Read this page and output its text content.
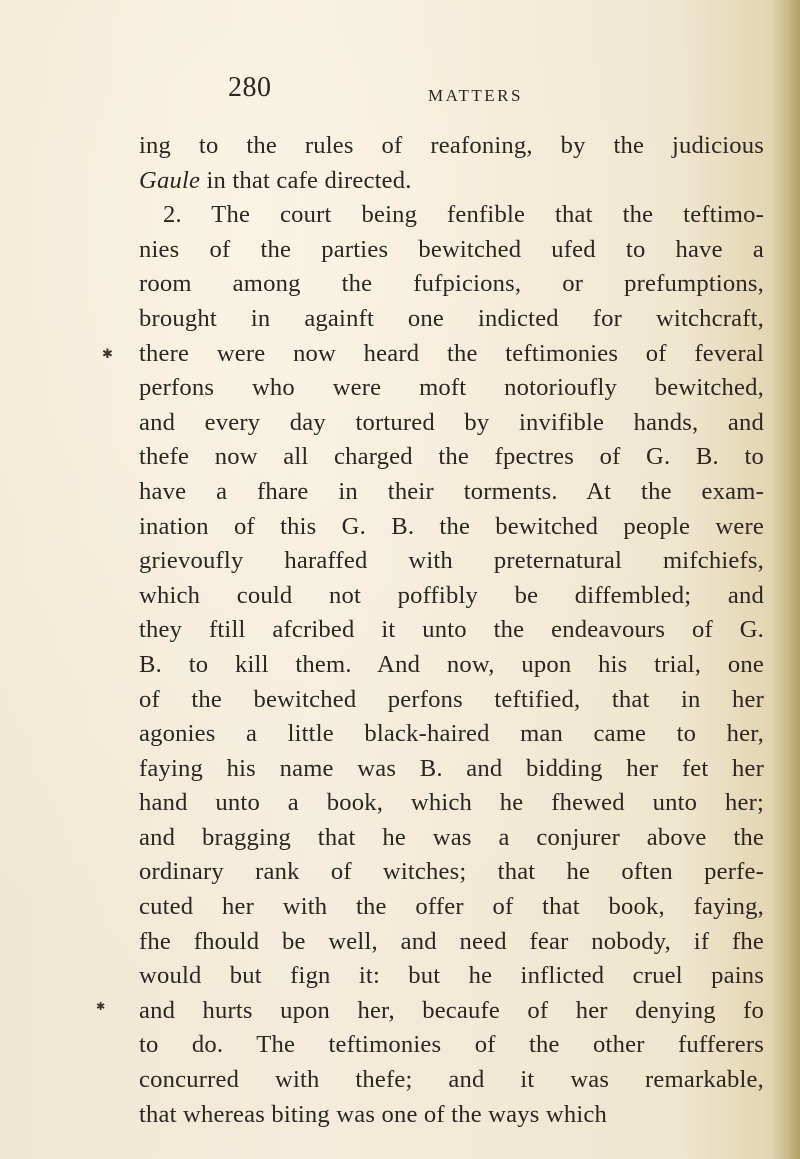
280	MATTERS
ing to the rules of reafoning, by the judicious
Gaule in that cafe directed.
2. The court being fenfible that the teftimo-
nies of the parties bewitched ufed to have a
room among the fufpicions, or prefumptions,
brought in againft one indicted for witchcraft,
there were now heard the teftimonies of feveral
perfons who were moft notorioufly bewitched,
and every day tortured by invifible hands, and
thefe now all charged the fpectres of G. B. to
have a fhare in their torments. At the exam-
ination of this G. B. the bewitched people were
grievoufly haraffed with preternatural mifchiefs,
which could not poffibly be diffembled; and
they ftill afcribed it unto the endeavours of G.
B. to kill them. And now, upon his trial, one
of the bewitched perfons teftified, that in her
agonies a little black-haired man came to her,
faying his name was B. and bidding her fet her
hand unto a book, which he fhewed unto her;
and bragging that he was a conjurer above the
ordinary rank of witches; that he often perfe-
cuted her with the offer of that book, faying,
fhe fhould be well, and need fear nobody, if fhe
would but fign it: but he inflicted cruel pains
and hurts upon her, becaufe of her denying fo
to do. The teftimonies of the other fufferers
concurred with thefe; and it was remarkable,
that whereas biting was one of the ways which
✱
✱
